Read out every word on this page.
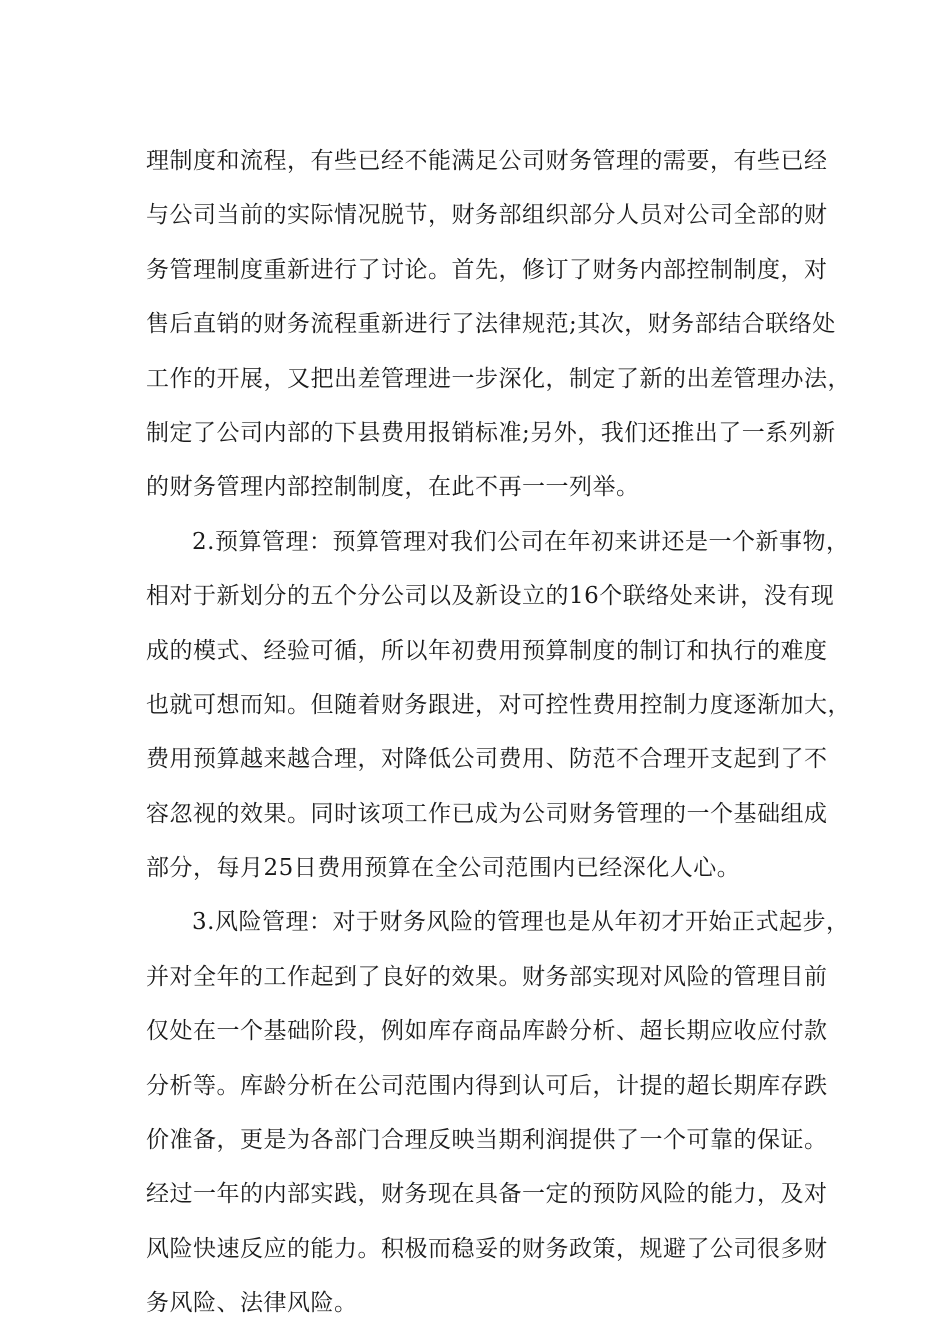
理制度和流程，有些已经不能满足公司财务管理的需要，有些已经
与公司当前的实际情况脱节，财务部组织部分人员对公司全部的财
务管理制度重新进行了讨论。首先，修订了财务内部控制制度，对
售后直销的财务流程重新进行了法律规范;其次，财务部结合联络处
工作的开展，又把出差管理进一步深化，制定了新的出差管理办法，
制定了公司内部的下县费用报销标准;另外，我们还推出了一系列新
的财务管理内部控制制度，在此不再一一列举。
2.预算管理：预算管理对我们公司在年初来讲还是一个新事物，
相对于新划分的五个分公司以及新设立的16个联络处来讲，没有现
成的模式、经验可循，所以年初费用预算制度的制订和执行的难度
也就可想而知。但随着财务跟进，对可控性费用控制力度逐渐加大，
费用预算越来越合理，对降低公司费用、防范不合理开支起到了不
容忽视的效果。同时该项工作已成为公司财务管理的一个基础组成
部分，每月25日费用预算在全公司范围内已经深化人心。
3.风险管理：对于财务风险的管理也是从年初才开始正式起步，
并对全年的工作起到了良好的效果。财务部实现对风险的管理目前
仅处在一个基础阶段，例如库存商品库龄分析、超长期应收应付款
分析等。库龄分析在公司范围内得到认可后，计提的超长期库存跌
价准备，更是为各部门合理反映当期利润提供了一个可靠的保证。
经过一年的内部实践，财务现在具备一定的预防风险的能力，及对
风险快速反应的能力。积极而稳妥的财务政策，规避了公司很多财
务风险、法律风险。
